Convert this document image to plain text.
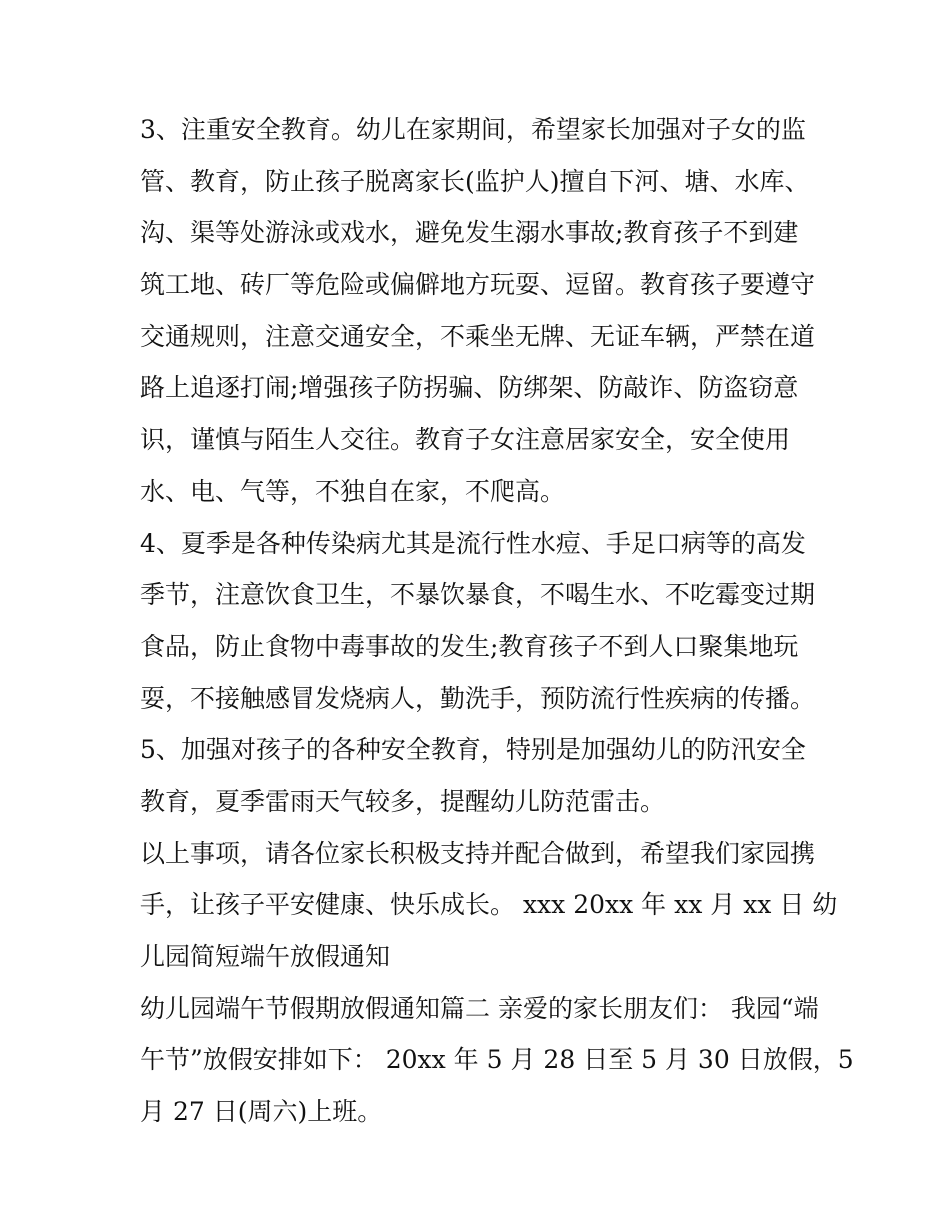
3、注重安全教育。幼儿在家期间，希望家长加强对子女的监
管、教育，防止孩子脱离家长(监护人)擅自下河、塘、水库、
沟、渠等处游泳或戏水，避免发生溺水事故;教育孩子不到建
筑工地、砖厂等危险或偏僻地方玩耍、逗留。教育孩子要遵守
交通规则，注意交通安全，不乘坐无牌、无证车辆，严禁在道
路上追逐打闹;增强孩子防拐骗、防绑架、防敲诈、防盗窃意
识，谨慎与陌生人交往。教育子女注意居家安全，安全使用
水、电、气等，不独自在家，不爬高。
4、夏季是各种传染病尤其是流行性水痘、手足口病等的高发
季节，注意饮食卫生，不暴饮暴食，不喝生水、不吃霉变过期
食品，防止食物中毒事故的发生;教育孩子不到人口聚集地玩
耍，不接触感冒发烧病人，勤洗手，预防流行性疾病的传播。
5、加强对孩子的各种安全教育，特别是加强幼儿的防汛安全
教育，夏季雷雨天气较多，提醒幼儿防范雷击。
以上事项，请各位家长积极支持并配合做到，希望我们家园携
手，让孩子平安健康、快乐成长。 xxx 20xx 年 xx 月 xx 日 幼
儿园简短端午放假通知
幼儿园端午节假期放假通知篇二 亲爱的家长朋友们： 我园“端
午节”放假安排如下： 20xx 年 5 月 28 日至 5 月 30 日放假，5
月 27 日(周六)上班。
